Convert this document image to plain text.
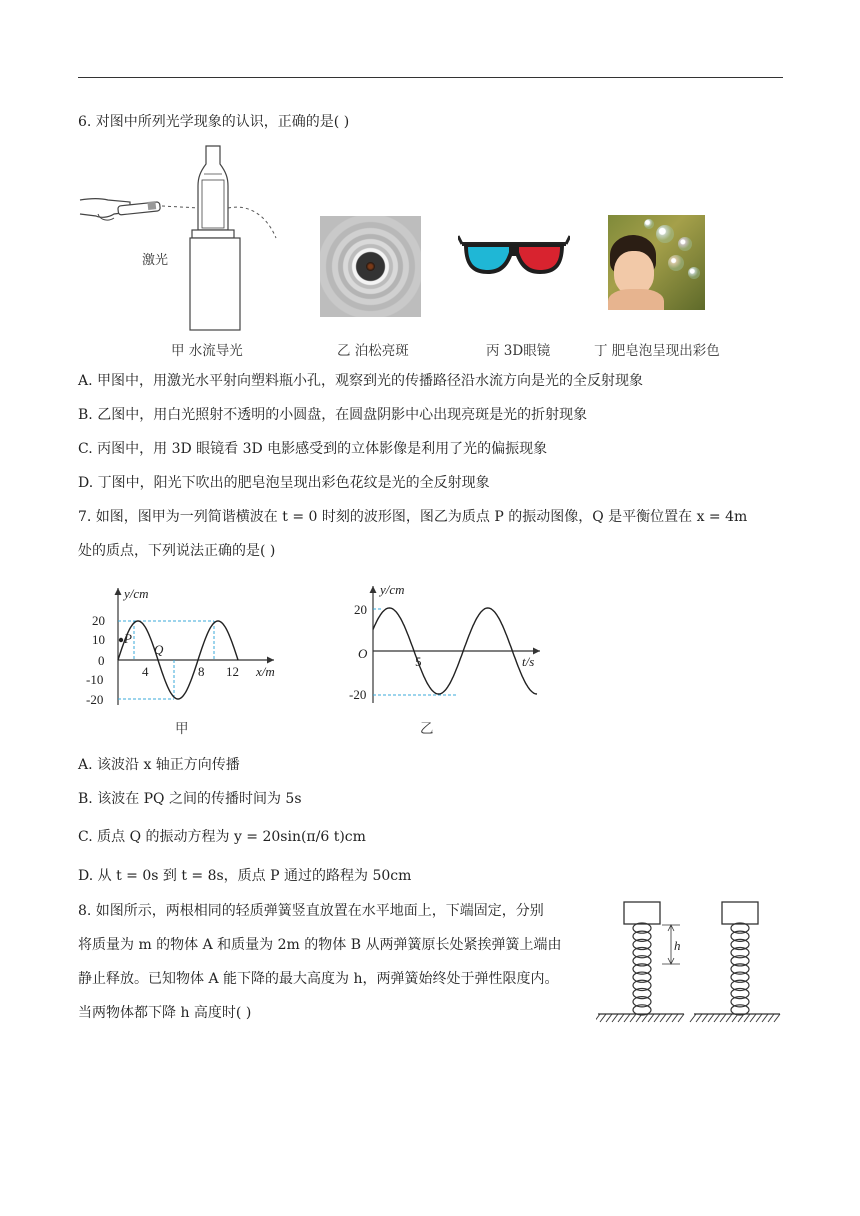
6. 对图中所列光学现象的认识，正确的是( )
激光
甲 水流导光	乙 泊松亮斑	丙 3D眼镜	丁 肥皂泡呈现出彩色
A. 甲图中，用激光水平射向塑料瓶小孔，观察到光的传播路径沿水流方向是光的全反射现象
B. 乙图中，用白光照射不透明的小圆盘，在圆盘阴影中心出现亮斑是光的折射现象
C. 丙图中，用 3D 眼镜看 3D 电影感受到的立体影像是利用了光的偏振现象
D. 丁图中，阳光下吹出的肥皂泡呈现出彩色花纹是光的全反射现象
7. 如图，图甲为一列简谐横波在 t = 0 时刻的波形图，图乙为质点 P 的振动图像，Q 是平衡位置在 x = 4m
处的质点，下列说法正确的是( )
20
10
0
-10
-20
4	8 12
y/cm
x/m
P
Q
甲
20
-20
O
5
y/cm
t/s
乙
A. 该波沿 x 轴正方向传播
B. 该波在 PQ 之间的传播时间为 5s
C. 质点 Q 的振动方程为 y = 20sin(π/6 t)cm
D. 从 t = 0s 到 t = 8s，质点 P 通过的路程为 50cm
8. 如图所示，两根相同的轻质弹簧竖直放置在水平地面上，下端固定，分别
将质量为 m 的物体 A 和质量为 2m 的物体 B 从两弹簧原长处紧挨弹簧上端由
静止释放。已知物体 A 能下降的最大高度为 h，两弹簧始终处于弹性限度内。
当两物体都下降 h 高度时( )
h
